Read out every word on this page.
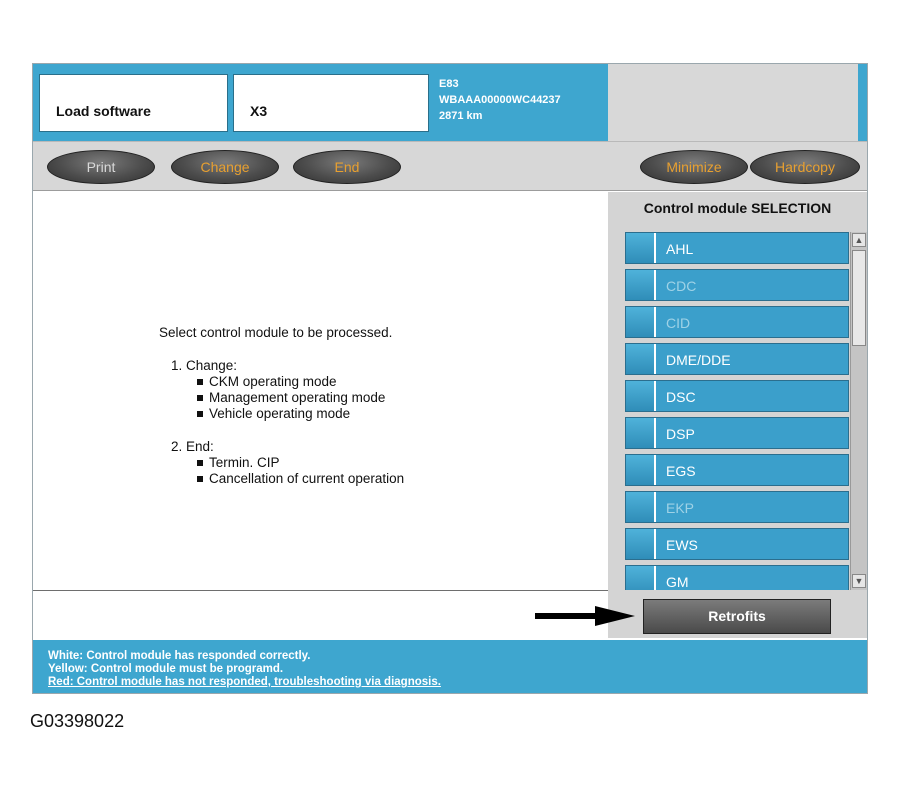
Load software	X3
E83
WBAAA00000WC44237
2871 km
Print	Change	End	Minimize	Hardcopy
Select control module to be processed.
1. Change:
CKM operating mode
Management operating mode
Vehicle operating mode
2. End:
Termin. CIP
Cancellation of current operation
Control module SELECTION
AHL
CDC
CID
DME/DDE
DSC
DSP
EGS
EKP
EWS
GM
▲
▼
Retrofits
White: Control module has responded correctly.
Yellow: Control module must be programd.
Red: Control module has not responded, troubleshooting via diagnosis.
G03398022
